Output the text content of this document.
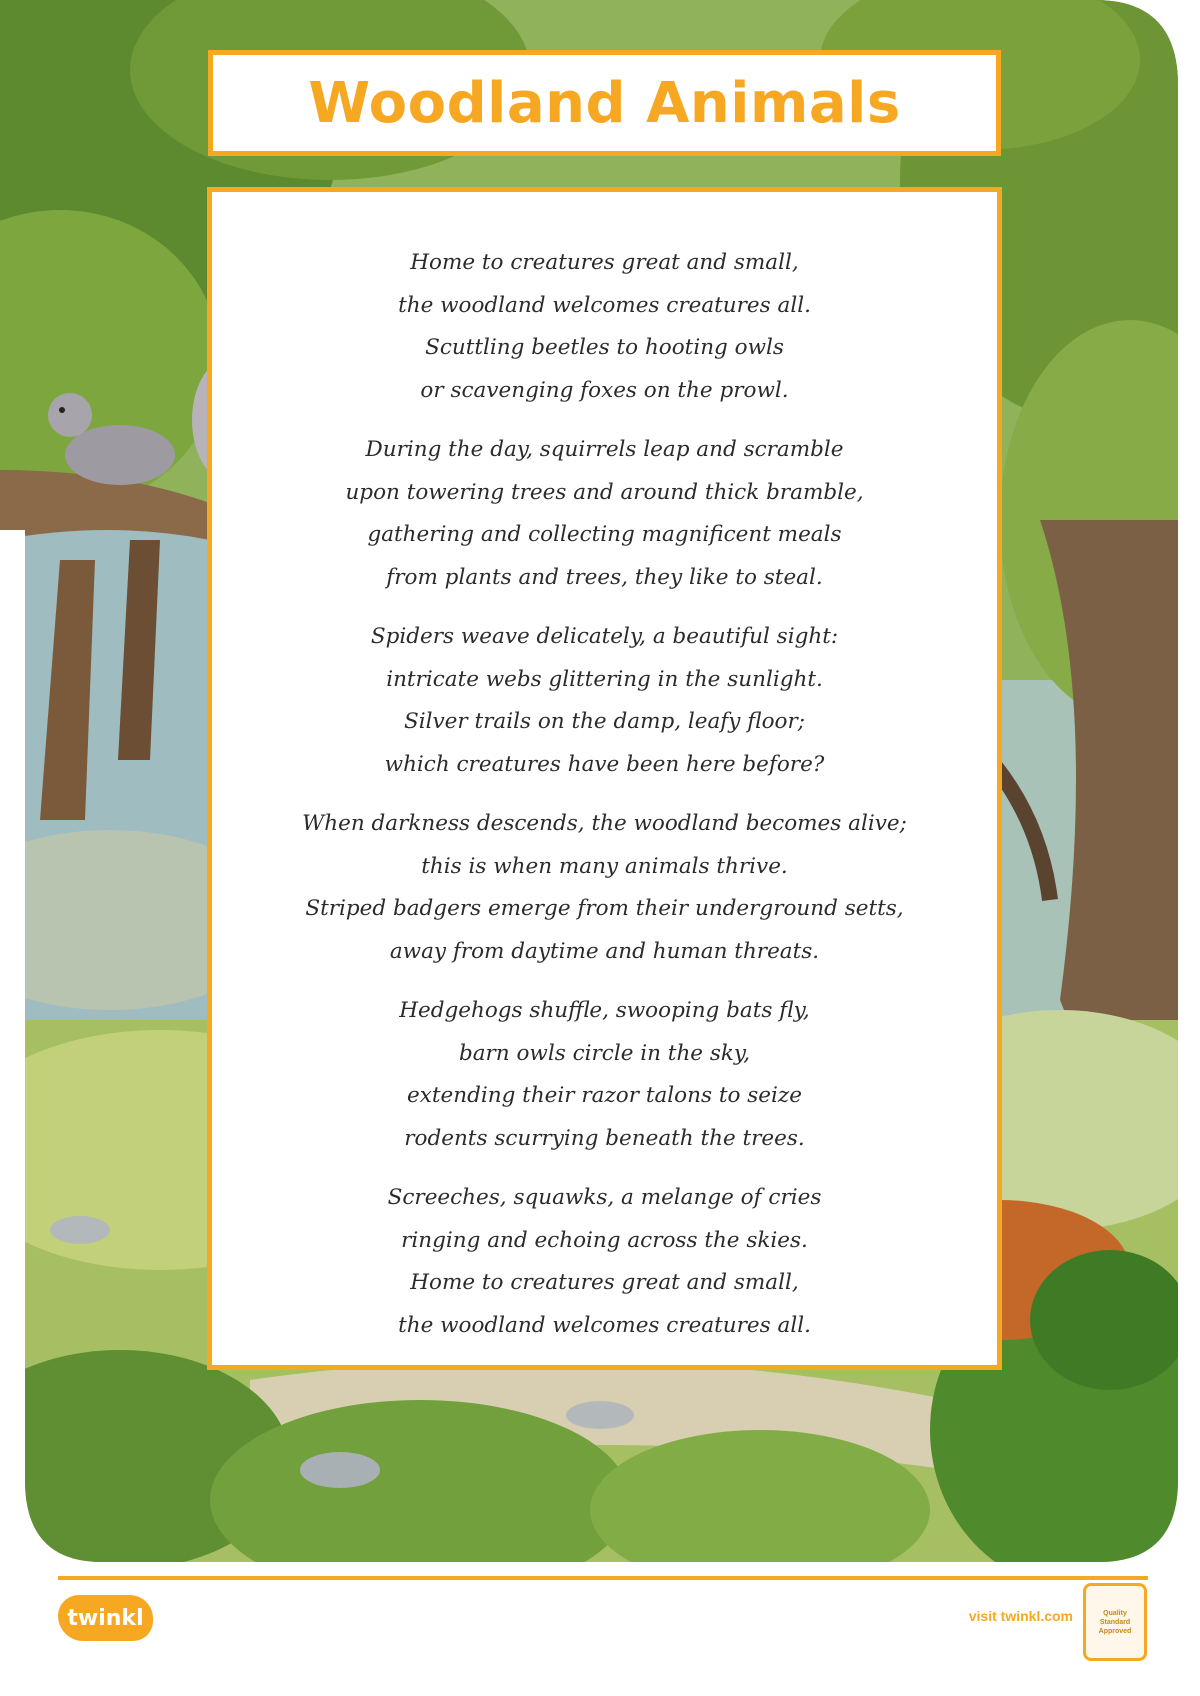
Woodland Animals
Home to creatures great and small,
the woodland welcomes creatures all.
Scuttling beetles to hooting owls
or scavenging foxes on the prowl.
During the day, squirrels leap and scramble
upon towering trees and around thick bramble,
gathering and collecting magnificent meals
from plants and trees, they like to steal.
Spiders weave delicately, a beautiful sight:
intricate webs glittering in the sunlight.
Silver trails on the damp, leafy floor;
which creatures have been here before?
When darkness descends, the woodland becomes alive;
this is when many animals thrive.
Striped badgers emerge from their underground setts,
away from daytime and human threats.
Hedgehogs shuffle, swooping bats fly,
barn owls circle in the sky,
extending their razor talons to seize
rodents scurrying beneath the trees.
Screeches, squawks, a melange of cries
ringing and echoing across the skies.
Home to creatures great and small,
the woodland welcomes creatures all.
twinkl	visit twinkl.com	Quality
Standard
Approved
